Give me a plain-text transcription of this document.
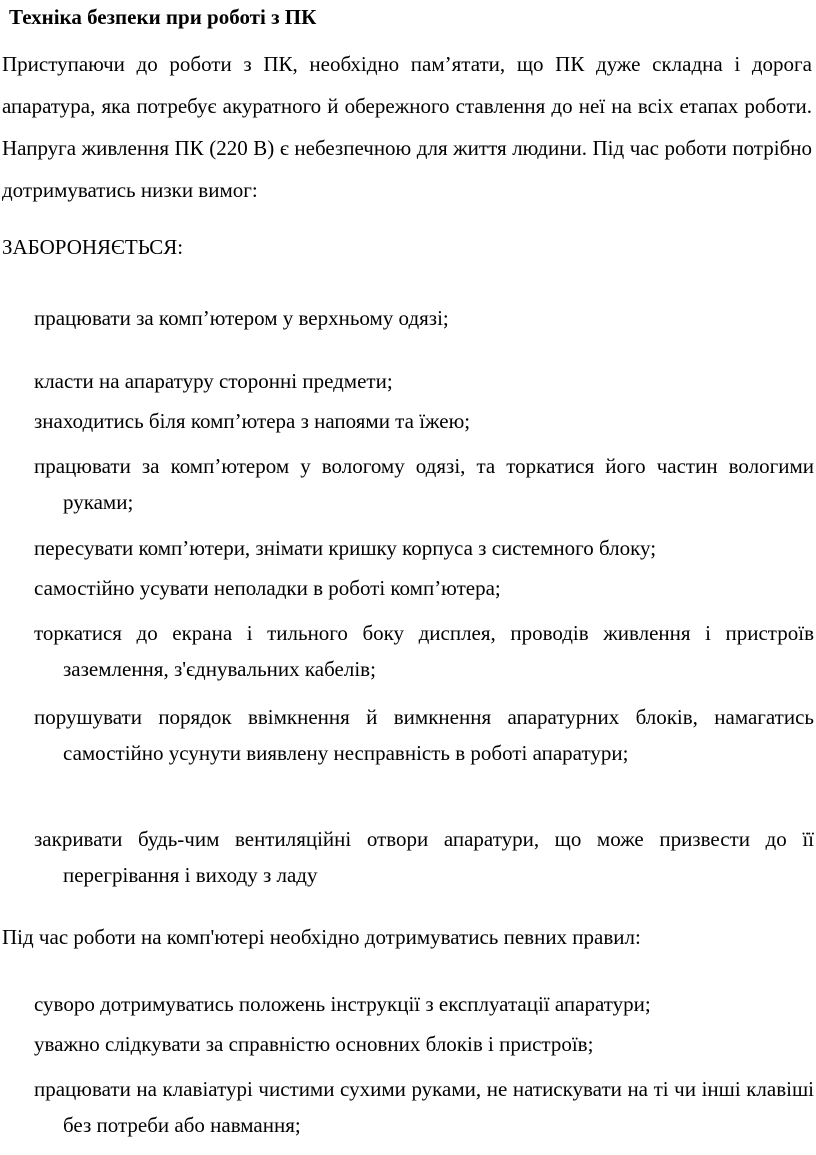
Техніка безпеки при роботі з ПК
Приступаючи до роботи з ПК, необхідно пам’ятати, що ПК дуже складна і дорога апаратура, яка потребує акуратного й обережного ставлення до неї на всіх етапах роботи. Напруга живлення ПК (220 В) є небезпечною для життя людини. Під час роботи потрібно дотримуватись низки вимог:
ЗАБОРОНЯЄТЬСЯ:
працювати за комп’ютером у верхньому одязі;
класти на апаратуру сторонні предмети;
знаходитись біля комп’ютера з напоями та їжею;
працювати за комп’ютером у вологому одязі, та торкатися його частин вологими руками;
пересувати комп’ютери, знімати кришку корпуса з системного блоку;
самостійно усувати неполадки в роботі комп’ютера;
торкатися до екрана і тильного боку дисплея, проводів живлення і пристроїв заземлення, з'єднувальних кабелів;
порушувати порядок ввімкнення й вимкнення апаратурних блоків, намагатись самостійно усунути виявлену несправність в роботі апаратури;
закривати будь-чим вентиляційні отвори апаратури, що може призвести до її перегрівання і виходу з ладу
Під час роботи на комп'ютері необхідно дотримуватись певних правил:
суворо дотримуватись положень інструкції з експлуатації апаратури;
уважно слідкувати за справністю основних блоків і пристроїв;
працювати на клавіатурі чистими сухими руками, не натискувати на ті чи інші клавіші без потреби або навмання;
